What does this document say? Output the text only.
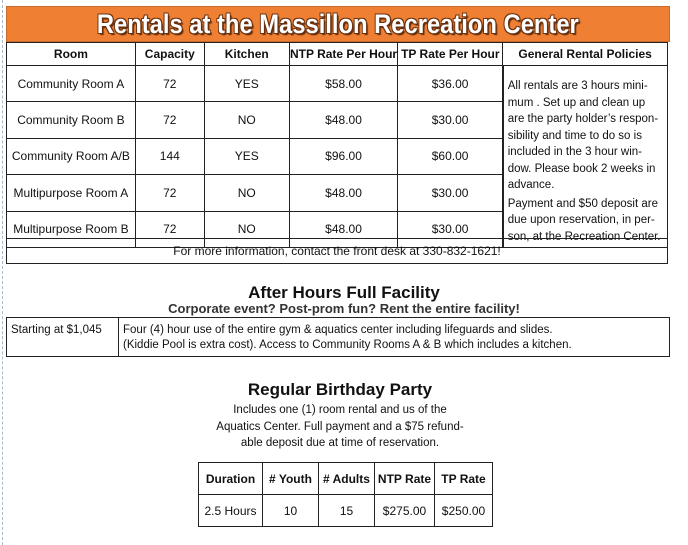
Rentals at the Massillon Recreation Center
Room	Capacity	Kitchen	NTP Rate Per Hour	TP Rate Per Hour	General Rental Policies
Community Room A	72	YES	$58.00	$36.00	All rentals are 3 hours mini-mum . Set up and clean up are the party holder’s respon-sibility and time to do so is included in the 3 hour win-dow. Please book 2 weeks in advance.

Payment and $50 deposit are due upon reservation, in per-son, at the Recreation Center.

Community Room B	72	NO	$48.00	$30.00	
Community Room A/B	144	YES	$96.00	$60.00	
Multipurpose Room A	72	NO	$48.00	$30.00	
Multipurpose Room B	72	NO	$48.00	$30.00	
For more information, contact the front desk at 330-832-1621!
After Hours Full Facility
Corporate event? Post-prom fun? Rent the entire facility!
Starting at $1,045	Four (4) hour use of the entire gym & aquatics center including lifeguards and slides.
(Kiddie Pool is extra cost). Access to Community Rooms A & B which includes a kitchen.
Regular Birthday Party
Includes one (1) room rental and us of the
Aquatics Center. Full payment and a $75 refund-
able deposit due at time of reservation.
Duration	# Youth	# Adults	NTP Rate	TP Rate
2.5 Hours	10	15	$275.00	$250.00
